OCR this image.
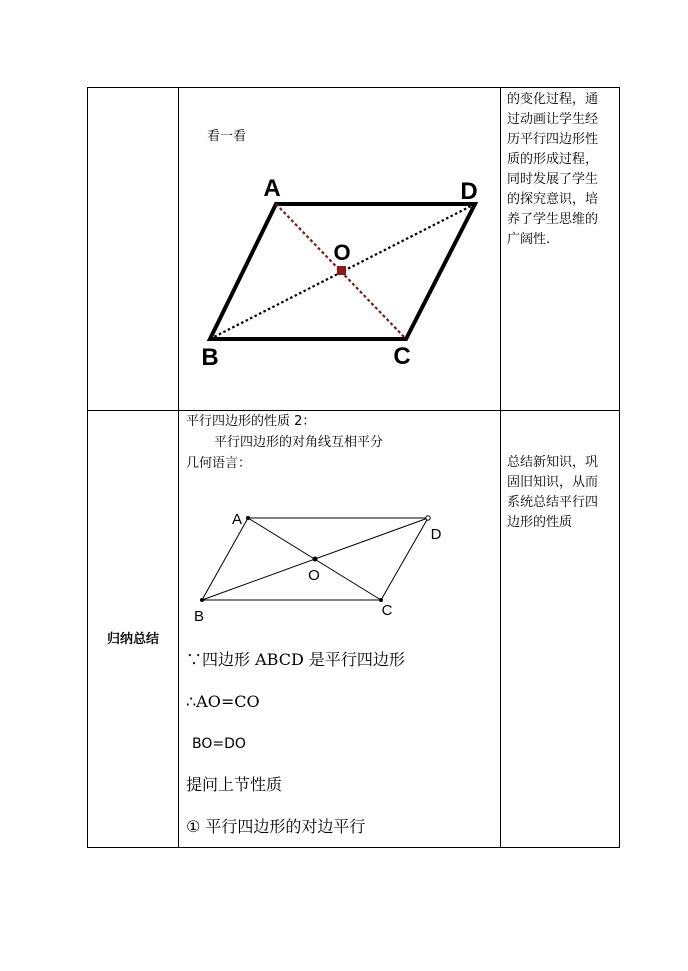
看一看
A	D
B	C
O
的变化过程，通
过动画让学生经
历平行四边形性
质的形成过程，
同时发展了学生
的探究意识，培
养了学生思维的
广阔性.
归纳总结
平行四边形的性质 2：
平行四边形的对角线互相平分
几何语言：
A
D
B	C
O
∵四边形 ABCD 是平行四边形
∴AO=CO
BO=DO
提问上节性质
① 平行四边形的对边平行
总结新知识，巩
固旧知识，从而
系统总结平行四
边形的性质
